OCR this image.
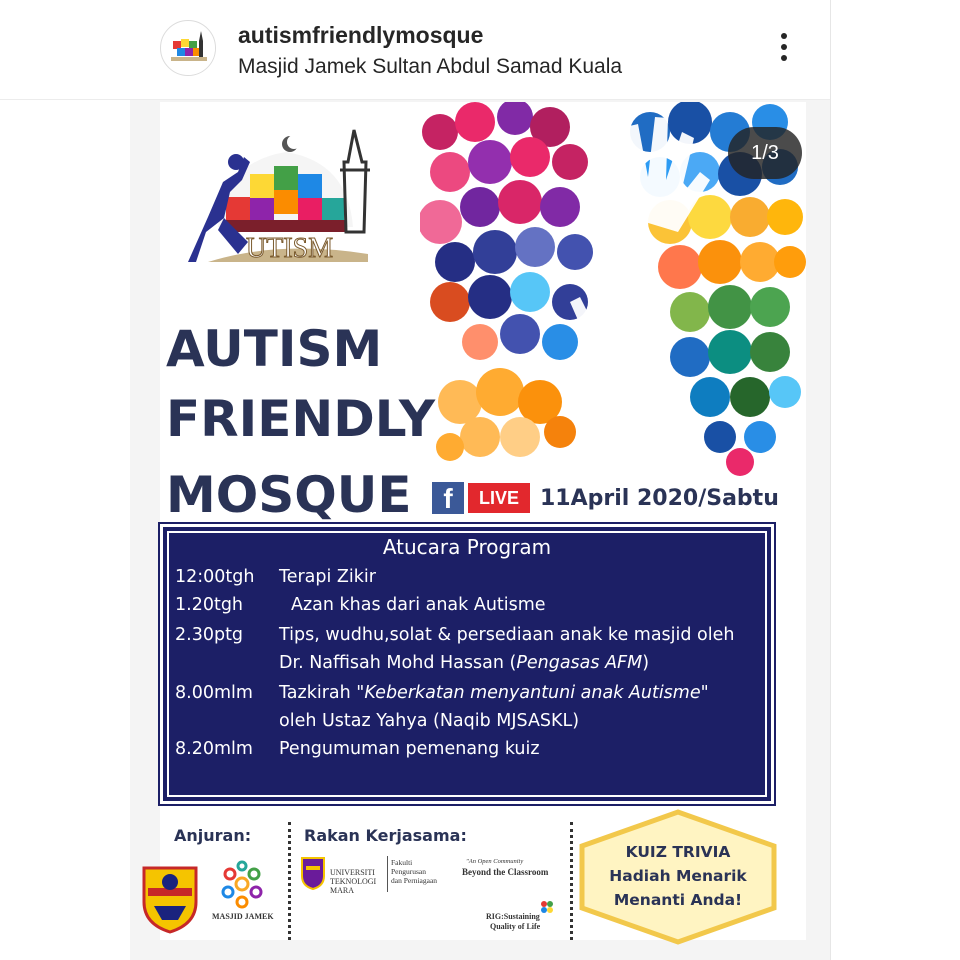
autismfriendlymosque
Masjid Jamek Sultan Abdul Samad Kuala
UTISM
1/3
AUTISM
FRIENDLY
MOSQUE	f	LIVE 11April 2020/Sabtu
Atucara Program
12:00tgh Terapi Zikir
1.20tgh	Azan khas dari anak Autisme
2.30ptg Tips, wudhu,solat & persediaan anak ke masjid oleh
Dr. Naffisah Mohd Hassan (Pengasas AFM)
8.00mlm Tazkirah "Keberkatan menyantuni anak Autisme"
oleh Ustaz Yahya (Naqib MJSASKL)
8.20mlm Pengumuman pemenang kuiz
Anjuran:	Rakan Kerjasama:
MASJID JAMEK
UNIVERSITI
TEKNOLOGI
MARA
Fakulti
Pengurusan
dan Perniagaan
"An Open Community
Beyond the Classroom
RIG:Sustaining
Quality of Life
KUIZ TRIVIA
Hadiah Menarik
Menanti Anda!
